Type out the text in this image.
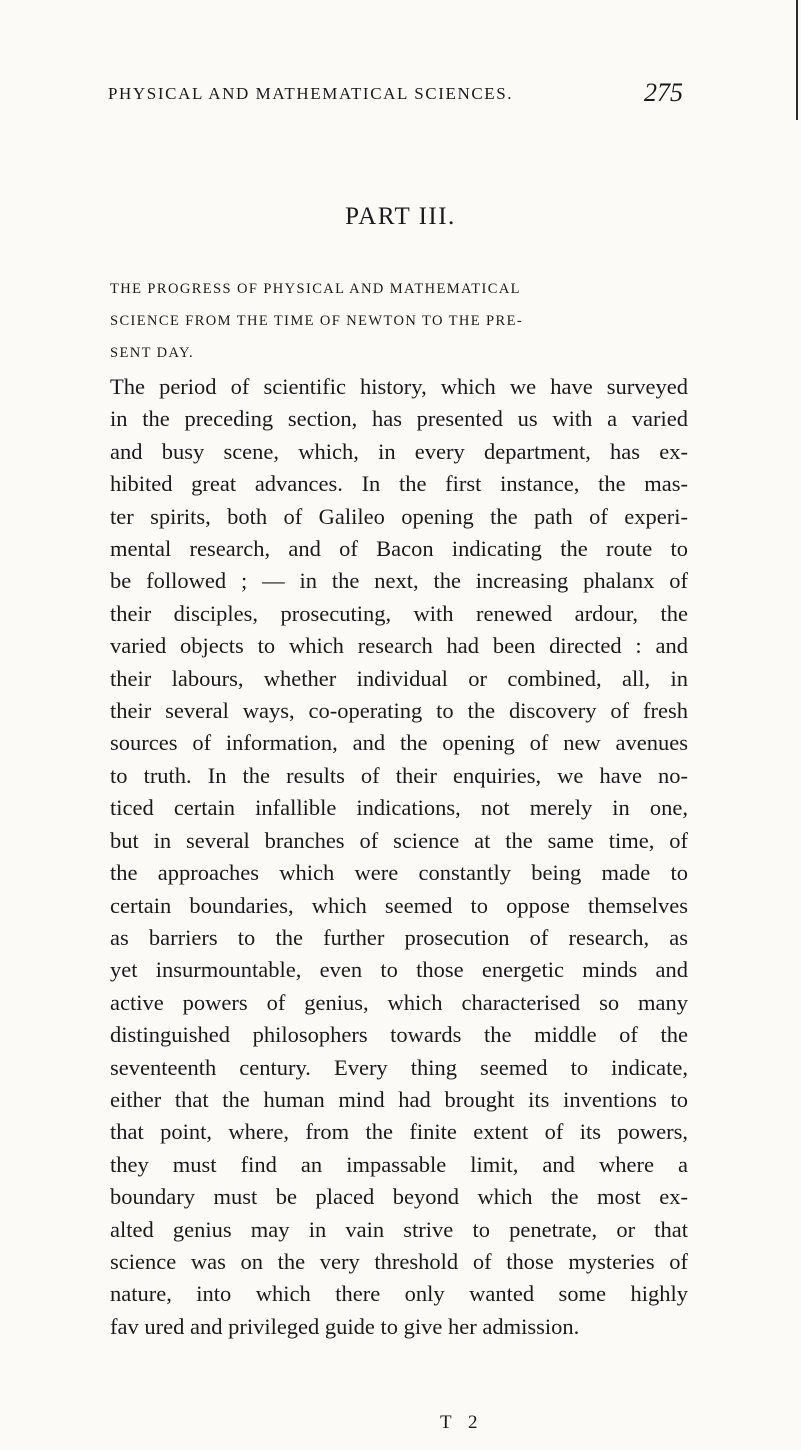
PHYSICAL AND MATHEMATICAL SCIENCES.	275
PART III.
THE PROGRESS OF PHYSICAL AND MATHEMATICAL
SCIENCE FROM THE TIME OF NEWTON TO THE PRE-
SENT DAY.
The period of scientific history, which we have surveyed
in the preceding section, has presented us with a varied
and busy scene, which, in every department, has ex-
hibited great advances. In the first instance, the mas-
ter spirits, both of Galileo opening the path of experi-
mental research, and of Bacon indicating the route to
be followed ; — in the next, the increasing phalanx of
their disciples, prosecuting, with renewed ardour, the
varied objects to which research had been directed : and
their labours, whether individual or combined, all, in
their several ways, co-operating to the discovery of fresh
sources of information, and the opening of new avenues
to truth. In the results of their enquiries, we have no-
ticed certain infallible indications, not merely in one,
but in several branches of science at the same time, of
the approaches which were constantly being made to
certain boundaries, which seemed to oppose themselves
as barriers to the further prosecution of research, as
yet insurmountable, even to those energetic minds and
active powers of genius, which characterised so many
distinguished philosophers towards the middle of the
seventeenth century. Every thing seemed to indicate,
either that the human mind had brought its inventions to
that point, where, from the finite extent of its powers,
they must find an impassable limit, and where a
boundary must be placed beyond which the most ex-
alted genius may in vain strive to penetrate, or that
science was on the very threshold of those mysteries of
nature, into which there only wanted some highly
fav ured and privileged guide to give her admission.
T 2
